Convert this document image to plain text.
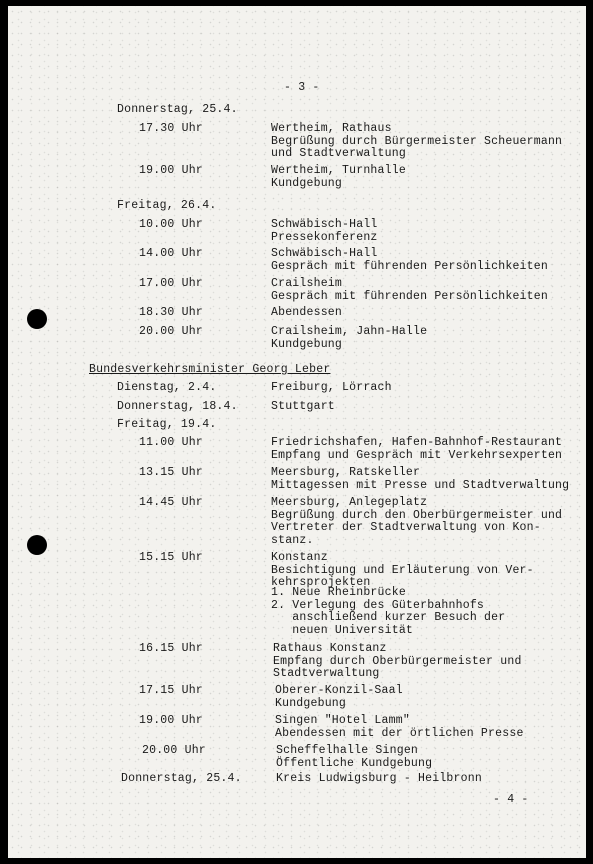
- 3 -
Donnerstag, 25.4.
17.30 Uhr	Wertheim, Rathaus
Begrüßung durch Bürgermeister Scheuermann
und Stadtverwaltung
19.00 Uhr	Wertheim, Turnhalle
Kundgebung
Freitag, 26.4.
10.00 Uhr	Schwäbisch-Hall
Pressekonferenz
14.00 Uhr	Schwäbisch-Hall
Gespräch mit führenden Persönlichkeiten
17.00 Uhr	Crailsheim
Gespräch mit führenden Persönlichkeiten
18.30 Uhr	Abendessen
20.00 Uhr	Crailsheim, Jahn-Halle
Kundgebung
Bundesverkehrsminister Georg Leber
Dienstag, 2.4.	Freiburg, Lörrach
Donnerstag, 18.4.	Stuttgart
Freitag, 19.4.
11.00 Uhr	Friedrichshafen, Hafen-Bahnhof-Restaurant
Empfang und Gespräch mit Verkehrsexperten
13.15 Uhr	Meersburg, Ratskeller
Mittagessen mit Presse und Stadtverwaltung
14.45 Uhr	Meersburg, Anlegeplatz
Begrüßung durch den Oberbürgermeister und
Vertreter der Stadtverwaltung von Kon-
stanz.
15.15 Uhr	Konstanz
Besichtigung und Erläuterung von Ver-
kehrsprojekten
1. Neue Rheinbrücke
2. Verlegung des Güterbahnhofs
anschließend kurzer Besuch der
neuen Universität
16.15 Uhr	Rathaus Konstanz
Empfang durch Oberbürgermeister und
Stadtverwaltung
17.15 Uhr	Oberer-Konzil-Saal
Kundgebung
19.00 Uhr	Singen "Hotel Lamm"
Abendessen mit der örtlichen Presse
20.00 Uhr	Scheffelhalle Singen
Öffentliche Kundgebung
Donnerstag, 25.4.	Kreis Ludwigsburg - Heilbronn
- 4 -
